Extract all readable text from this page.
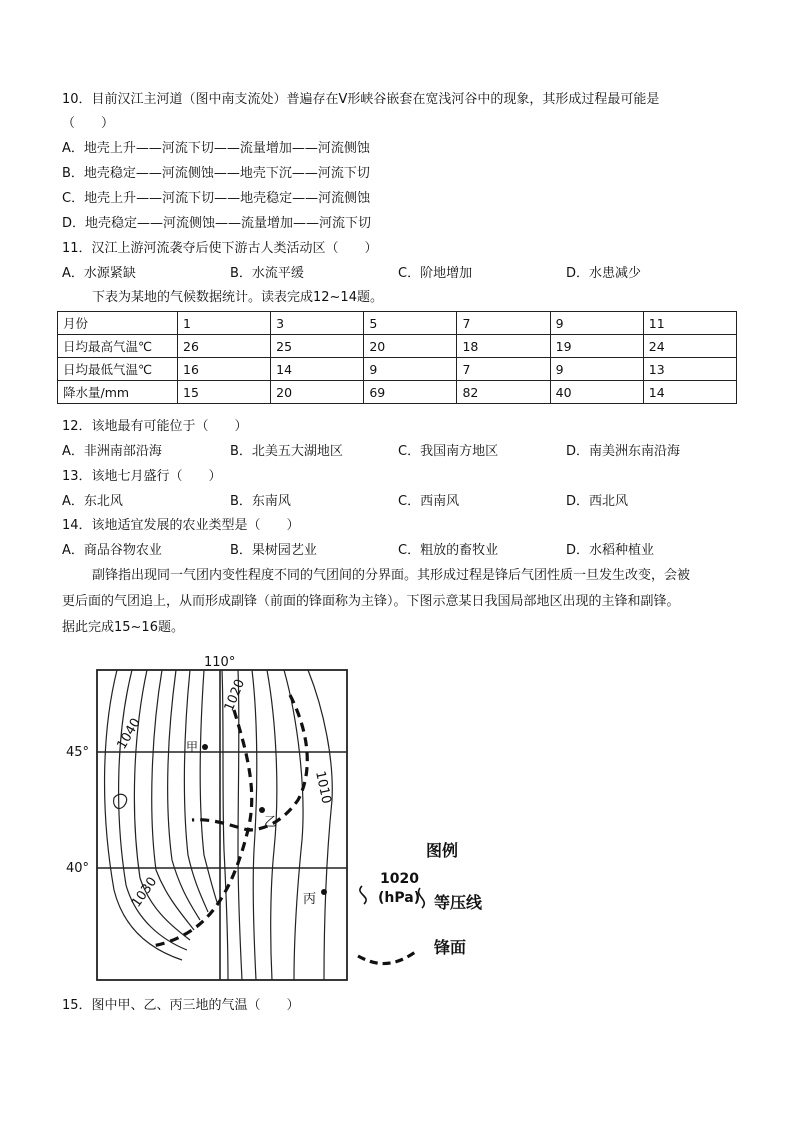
10．目前汉江主河道（图中南支流处）普遍存在V形峡谷嵌套在宽浅河谷中的现象，其形成过程最可能是
（　　）
A．地壳上升——河流下切——流量增加——河流侧蚀
B．地壳稳定——河流侧蚀——地壳下沉——河流下切
C．地壳上升——河流下切——地壳稳定——河流侧蚀
D．地壳稳定——河流侧蚀——流量增加——河流下切
11．汉江上游河流袭夺后使下游古人类活动区（　　）
A．水源紧缺	B．水流平缓	C．阶地增加	D．水患减少
下表为某地的气候数据统计。读表完成12~14题。
月份	1	3	5	7	9	11
日均最高气温℃	26	25	20	18	19	24
日均最低气温℃	16	14	9	7	9	13
降水量/mm	15	20	69	82	40	14
12．该地最有可能位于（　　）
A．非洲南部沿海	B．北美五大湖地区	C．我国南方地区	D．南美洲东南沿海
13．该地七月盛行（　　）
A．东北风	B．东南风	C．西南风	D．西北风
14．该地适宜发展的农业类型是（　　）
A．商品谷物农业	B．果树园艺业	C．粗放的畜牧业	D．水稻种植业
副锋指出现同一气团内变性程度不同的气团间的分界面。其形成过程是锋后气团性质一旦发生改变，会被
更后面的气团追上，从而形成副锋（前面的锋面称为主锋）。下图示意某日我国局部地区出现的主锋和副锋。
据此完成15~16题。
110°
45°
40°
1040
1030
1020
1010
甲
乙
丙
图例
1020
(hPa) 等压线
锋面
15．图中甲、乙、丙三地的气温（　　）
